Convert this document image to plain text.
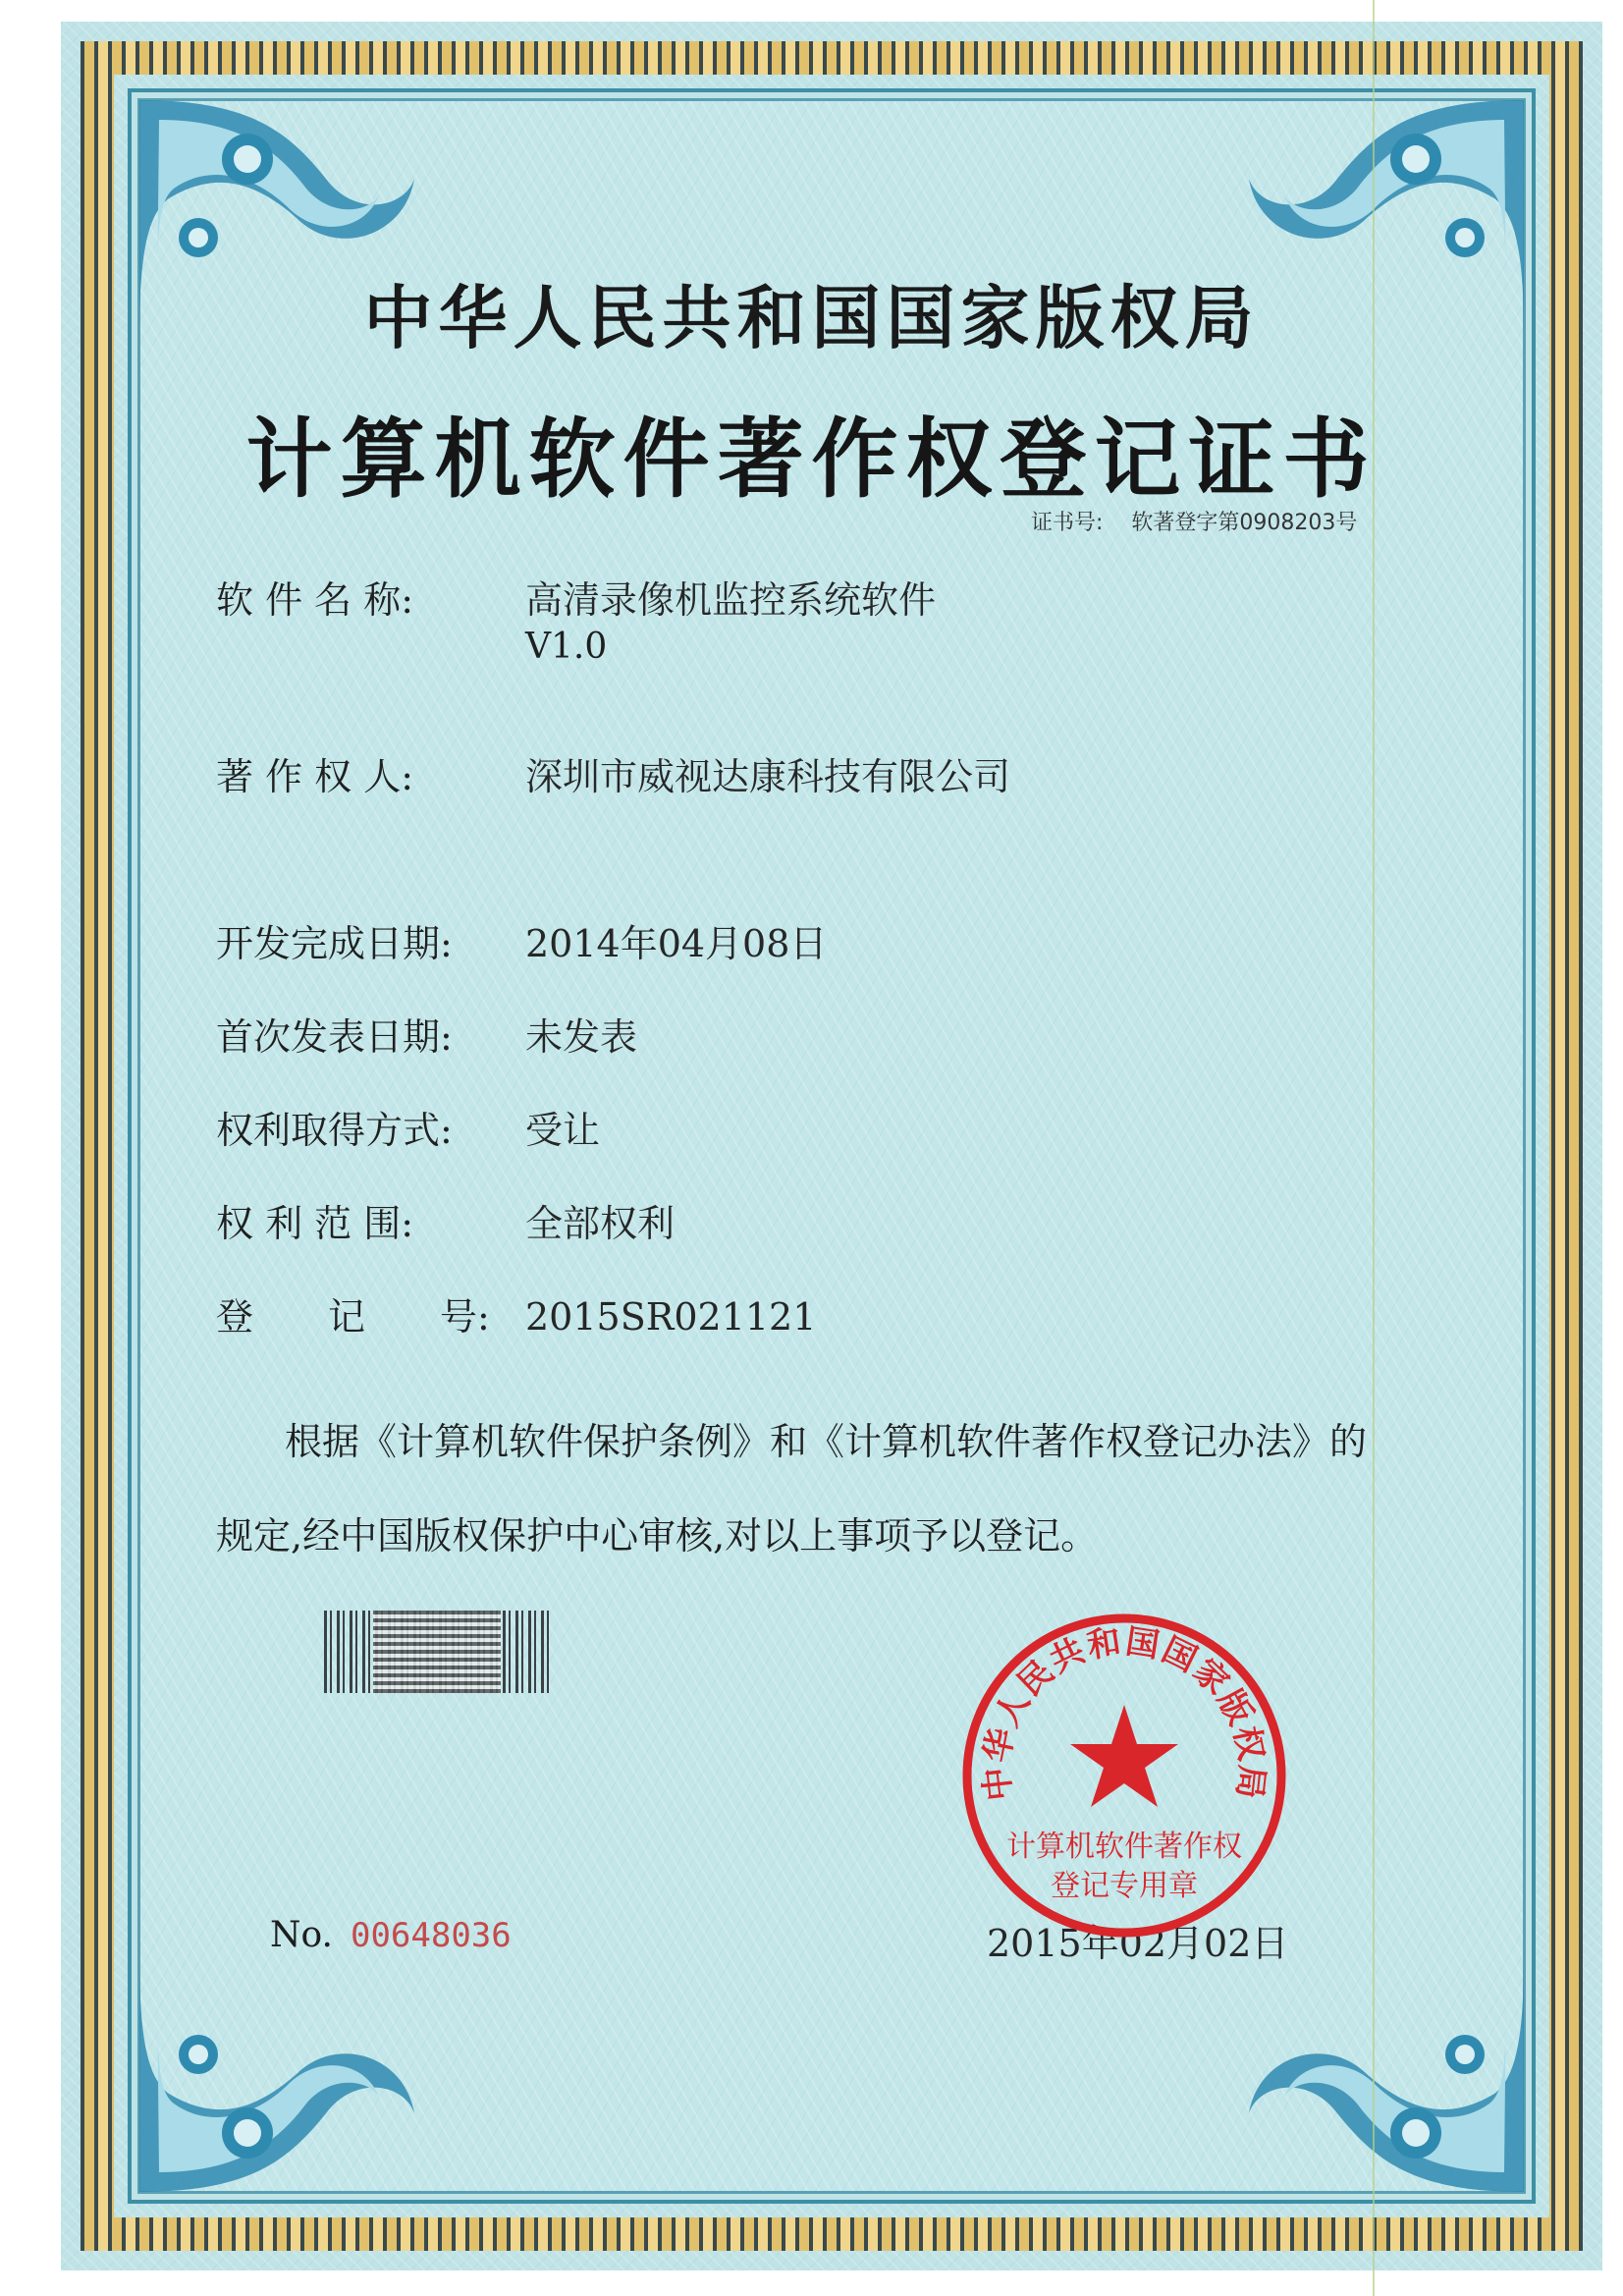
中华人民共和国国家版权局
计算机软件著作权登记证书
证书号: 软著登字第0908203号
软 件 名 称:	高清录像机监控系统软件
V1.0
著 作 权 人:	深圳市威视达康科技有限公司
开发完成日期: 2014年04月08日
首次发表日期: 未发表
权利取得方式: 受让
权 利 范 围:	全部权利
登　　记　　号: 2015SR021121
根据《计算机软件保护条例》和《计算机软件著作权登记办法》的
规定,经中国版权保护中心审核,对以上事项予以登记。
No. 00648036	2015年02月02日
中华人民共和国国家版权局
计算机软件著作权
登记专用章
